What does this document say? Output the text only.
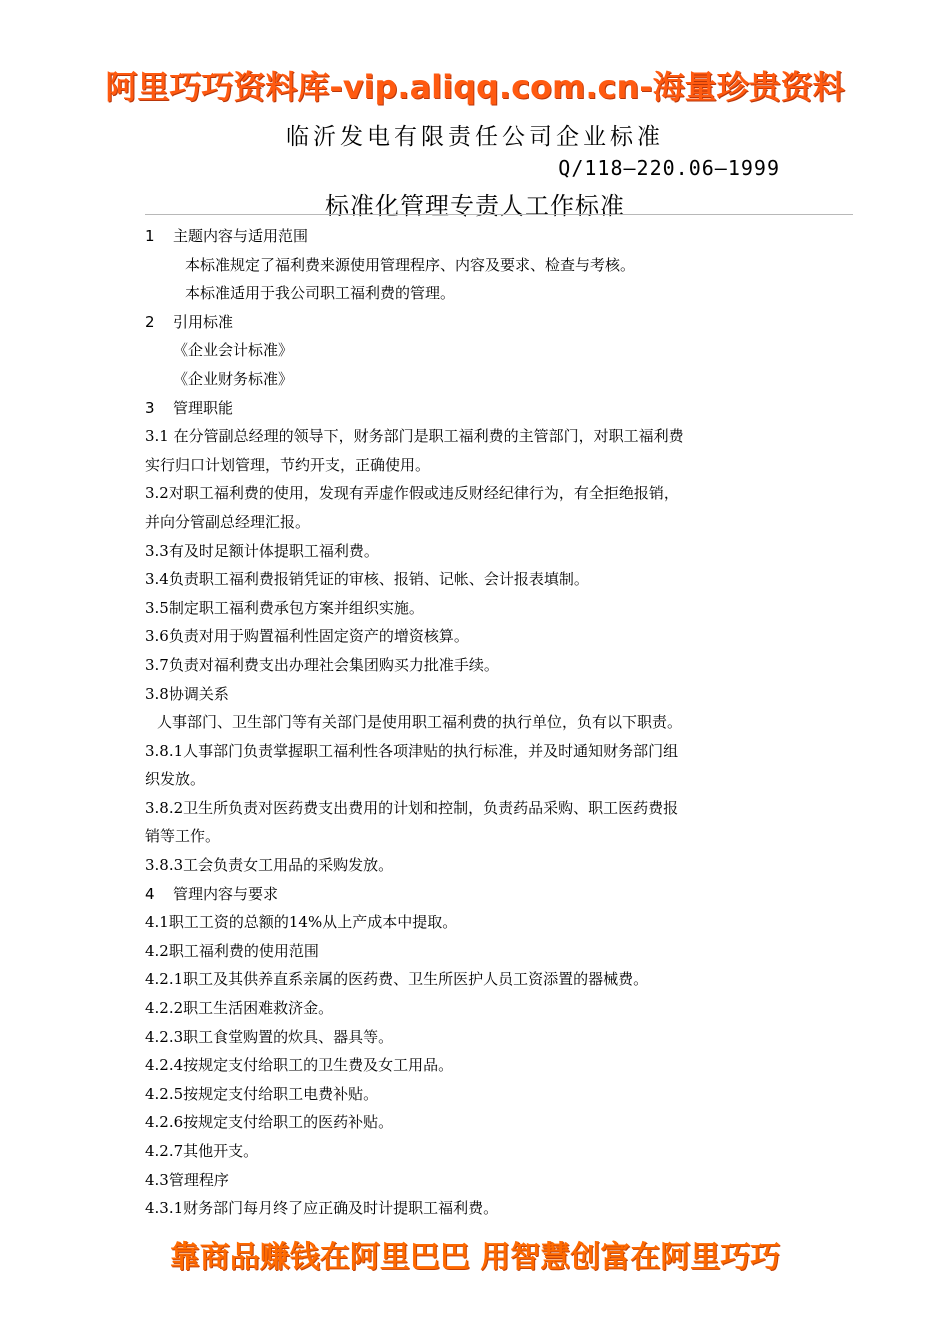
阿里巧巧资料库-vip.aliqq.com.cn-海量珍贵资料
临沂发电有限责任公司企业标准
Q/118—220.06—1999
标准化管理专责人工作标准
1 主题内容与适用范围
本标准规定了福利费来源使用管理程序、内容及要求、检查与考核。
本标准适用于我公司职工福利费的管理。
2 引用标准
《企业会计标准》
《企业财务标准》
3 管理职能
3.1 在分管副总经理的领导下，财务部门是职工福利费的主管部门，对职工福利费
实行归口计划管理，节约开支，正确使用。
3.2对职工福利费的使用，发现有弄虚作假或违反财经纪律行为，有全拒绝报销，
并向分管副总经理汇报。
3.3有及时足额计体提职工福利费。
3.4负责职工福利费报销凭证的审核、报销、记帐、会计报表填制。
3.5制定职工福利费承包方案并组织实施。
3.6负责对用于购置福利性固定资产的增资核算。
3.7负责对福利费支出办理社会集团购买力批准手续。
3.8协调关系
人事部门、卫生部门等有关部门是使用职工福利费的执行单位，负有以下职责。
3.8.1人事部门负责掌握职工福利性各项津贴的执行标准，并及时通知财务部门组
织发放。
3.8.2卫生所负责对医药费支出费用的计划和控制，负责药品采购、职工医药费报
销等工作。
3.8.3工会负责女工用品的采购发放。
4 管理内容与要求
4.1职工工资的总额的14%从上产成本中提取。
4.2职工福利费的使用范围
4.2.1职工及其供养直系亲属的医药费、卫生所医护人员工资添置的器械费。
4.2.2职工生活困难救济金。
4.2.3职工食堂购置的炊具、器具等。
4.2.4按规定支付给职工的卫生费及女工用品。
4.2.5按规定支付给职工电费补贴。
4.2.6按规定支付给职工的医药补贴。
4.2.7其他开支。
4.3管理程序
4.3.1财务部门每月终了应正确及时计提职工福利费。
靠商品赚钱在阿里巴巴 用智慧创富在阿里巧巧
